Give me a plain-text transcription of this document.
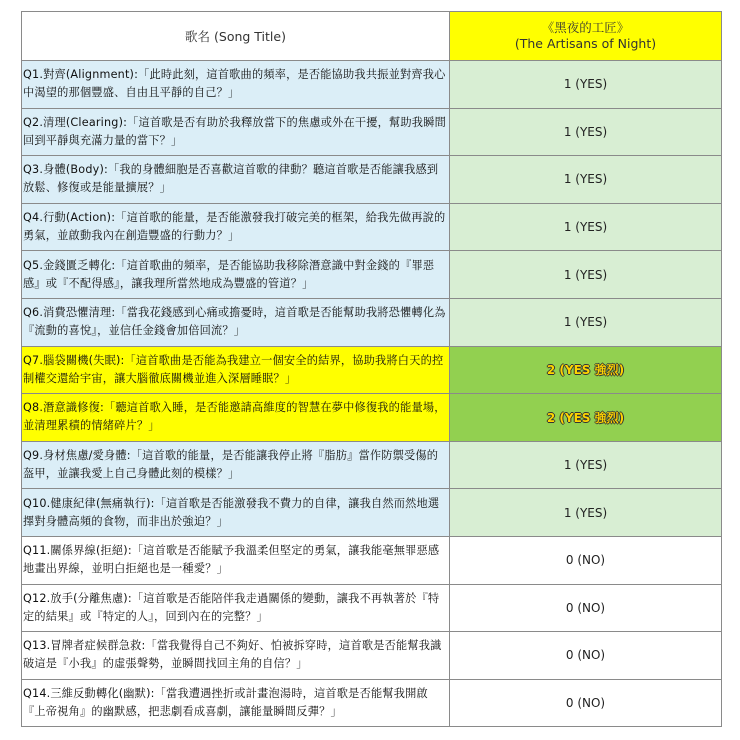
歌名 (Song Title)	《黑夜的工匠》
(The Artisans of Night)

Q1.對齊(Alignment):「此時此刻，這首歌曲的頻率，是否能協助我共振並對齊我心中渴望的那個豐盛、自由且平靜的自己？」	1 (YES)
Q2.清理(Clearing):「這首歌是否有助於我釋放當下的焦慮或外在干擾，幫助我瞬間回到平靜與充滿力量的當下？」	1 (YES)
Q3.身體(Body):「我的身體細胞是否喜歡這首歌的律動？聽這首歌是否能讓我感到放鬆、修復或是能量擴展？」	1 (YES)
Q4.行動(Action):「這首歌的能量，是否能激發我打破完美的框架，給我先做再說的勇氣，並啟動我內在創造豐盛的行動力？」	1 (YES)
Q5.金錢匱乏轉化:「這首歌曲的頻率，是否能協助我移除潛意識中對金錢的『罪惡感』或『不配得感』，讓我理所當然地成為豐盛的管道？」	1 (YES)
Q6.消費恐懼清理:「當我花錢感到心痛或擔憂時，這首歌是否能幫助我將恐懼轉化為『流動的喜悅』，並信任金錢會加倍回流？」	1 (YES)
Q7.腦袋關機(失眠):「這首歌曲是否能為我建立一個安全的結界，協助我將白天的控制權交還給宇宙，讓大腦徹底關機並進入深層睡眠？」	2 (YES 強烈)
Q8.潛意識修復:「聽這首歌入睡，是否能邀請高維度的智慧在夢中修復我的能量場，並清理累積的情緒碎片？」	2 (YES 強烈)
Q9.身材焦慮/愛身體:「這首歌的能量，是否能讓我停止將『脂肪』當作防禦受傷的盔甲，並讓我愛上自己身體此刻的模樣？」	1 (YES)
Q10.健康紀律(無痛執行):「這首歌是否能激發我不費力的自律，讓我自然而然地選擇對身體高頻的食物，而非出於強迫？」	1 (YES)
Q11.關係界線(拒絕):「這首歌是否能賦予我溫柔但堅定的勇氣，讓我能毫無罪惡感地畫出界線，並明白拒絕也是一種愛？」	0 (NO)
Q12.放手(分離焦慮):「這首歌是否能陪伴我走過關係的變動，讓我不再執著於『特定的結果』或『特定的人』，回到內在的完整？」	0 (NO)
Q13.冒牌者症候群急救:「當我覺得自己不夠好、怕被拆穿時，這首歌是否能幫我識破這是『小我』的虛張聲勢，並瞬間找回主角的自信？」	0 (NO)
Q14.三維反動轉化(幽默):「當我遭遇挫折或計畫泡湯時，這首歌是否能幫我開啟『上帝視角』的幽默感，把悲劇看成喜劇，讓能量瞬間反彈？」	0 (NO)
